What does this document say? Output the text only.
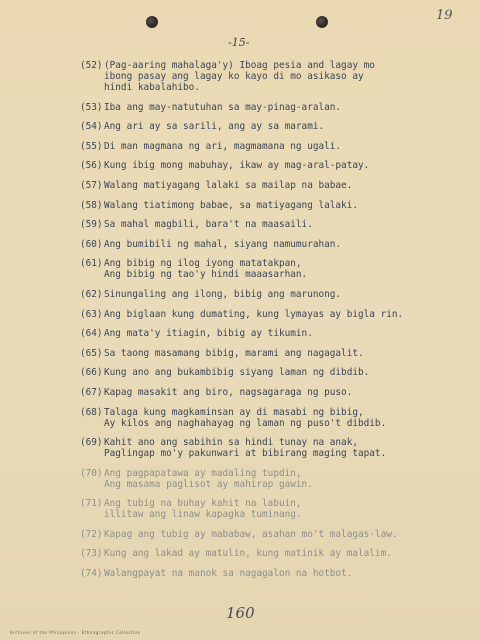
19
-15-
(52) (Pag-aaring mahalaga'y) Iboag pesia and lagay mo
ibong pasay ang lagay ko kayo di mo asikaso ay
hindi kabalahibo.
(53) Iba ang may-natutuhan sa may-pinag-aralan.
(54) Ang ari ay sa sarili, ang ay sa marami.
(55) Di man magmana ng ari, magmamana ng ugali.
(56) Kung ibig mong mabuhay, ikaw ay mag-aral-patay.
(57) Walang matiyagang lalaki sa mailap na babae.
(58) Walang tiatimong babae, sa matiyagang lalaki.
(59) Sa mahal magbili, bara't na maasaili.
(60) Ang bumibili ng mahal, siyang namumurahan.
(61) Ang bibig ng ilog iyong matatakpan,
Ang bibig ng tao'y hindi maaasarhan.
(62) Sinungaling ang ilong, bibig ang marunong.
(63) Ang biglaan kung dumating, kung lymayas ay bigla rin.
(64) Ang mata'y itiagin, bibig ay tikumin.
(65) Sa taong masamang bibig, marami ang nagagalit.
(66) Kung ano ang bukambibig siyang laman ng dibdib.
(67) Kapag masakit ang biro, nagsagaraga ng puso.
(68) Talaga kung magkaminsan ay di masabi ng bibig,
Ay kilos ang naghahayag ng laman ng puso't dibdib.
(69) Kahit ano ang sabihin sa hindi tunay na anak,
Paglingap mo'y pakunwari at bibirang maging tapat.
(70) Ang pagpapatawa ay madaling tupdin,
Ang masama paglisot ay mahirap gawin.
(71) Ang tubig na buhay kahit na labuin,
illitaw ang linaw kapagka tuminang.
(72) Kapag ang tubig ay mababaw, asahan mo't malagas-law.
(73) Kung ang lakad ay matulin, kung matinik ay malalim.
(74) Walangpayat na manok sa nagagalon na hotbot.
160
Archives of the Philippines · Ethnographic Collection
